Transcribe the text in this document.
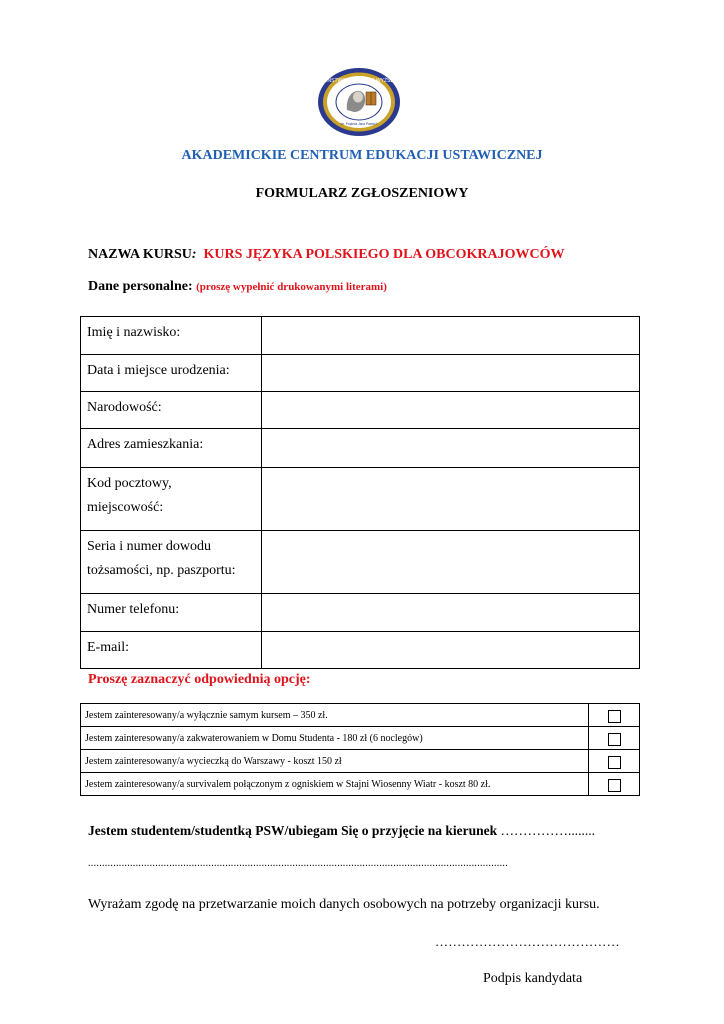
PAŃSTWOWA SZKOŁA WYŻSZA
im. Papieża Jana Pawła II
AKADEMICKIE CENTRUM EDUKACJI USTAWICZNEJ
FORMULARZ ZGŁOSZENIOWY
NAZWA KURSU: KURS JĘZYKA POLSKIEGO DLA OBCOKRAJOWCÓW
Dane personalne: (proszę wypełnić drukowanymi literami)
Imię i nazwisko:	
Data i miejsce urodzenia:	
Narodowość:	
Adres zamieszkania:	
Kod pocztowy,
miejscowość:	
Seria i numer dowodu
tożsamości, np. paszportu:	
Numer telefonu:	
E-mail:	
Proszę zaznaczyć odpowiednią opcję:
Jestem zainteresowany/a wyłącznie samym kursem – 350 zł.	
Jestem zainteresowany/a zakwaterowaniem w Domu Studenta - 180 zł (6 noclegów)	
Jestem zainteresowany/a wycieczką do Warszawy - koszt 150 zł	
Jestem zainteresowany/a survivalem połączonym z ogniskiem w Stajni Wiosenny Wiatr - koszt 80 zł.	
Jestem studentem/studentką PSW/ubiegam Się o przyjęcie na kierunek ……………........
......................................................................................................................................................
Wyrażam zgodę na przetwarzanie moich danych osobowych na potrzeby organizacji kursu.
……………………………………
Podpis kandydata
